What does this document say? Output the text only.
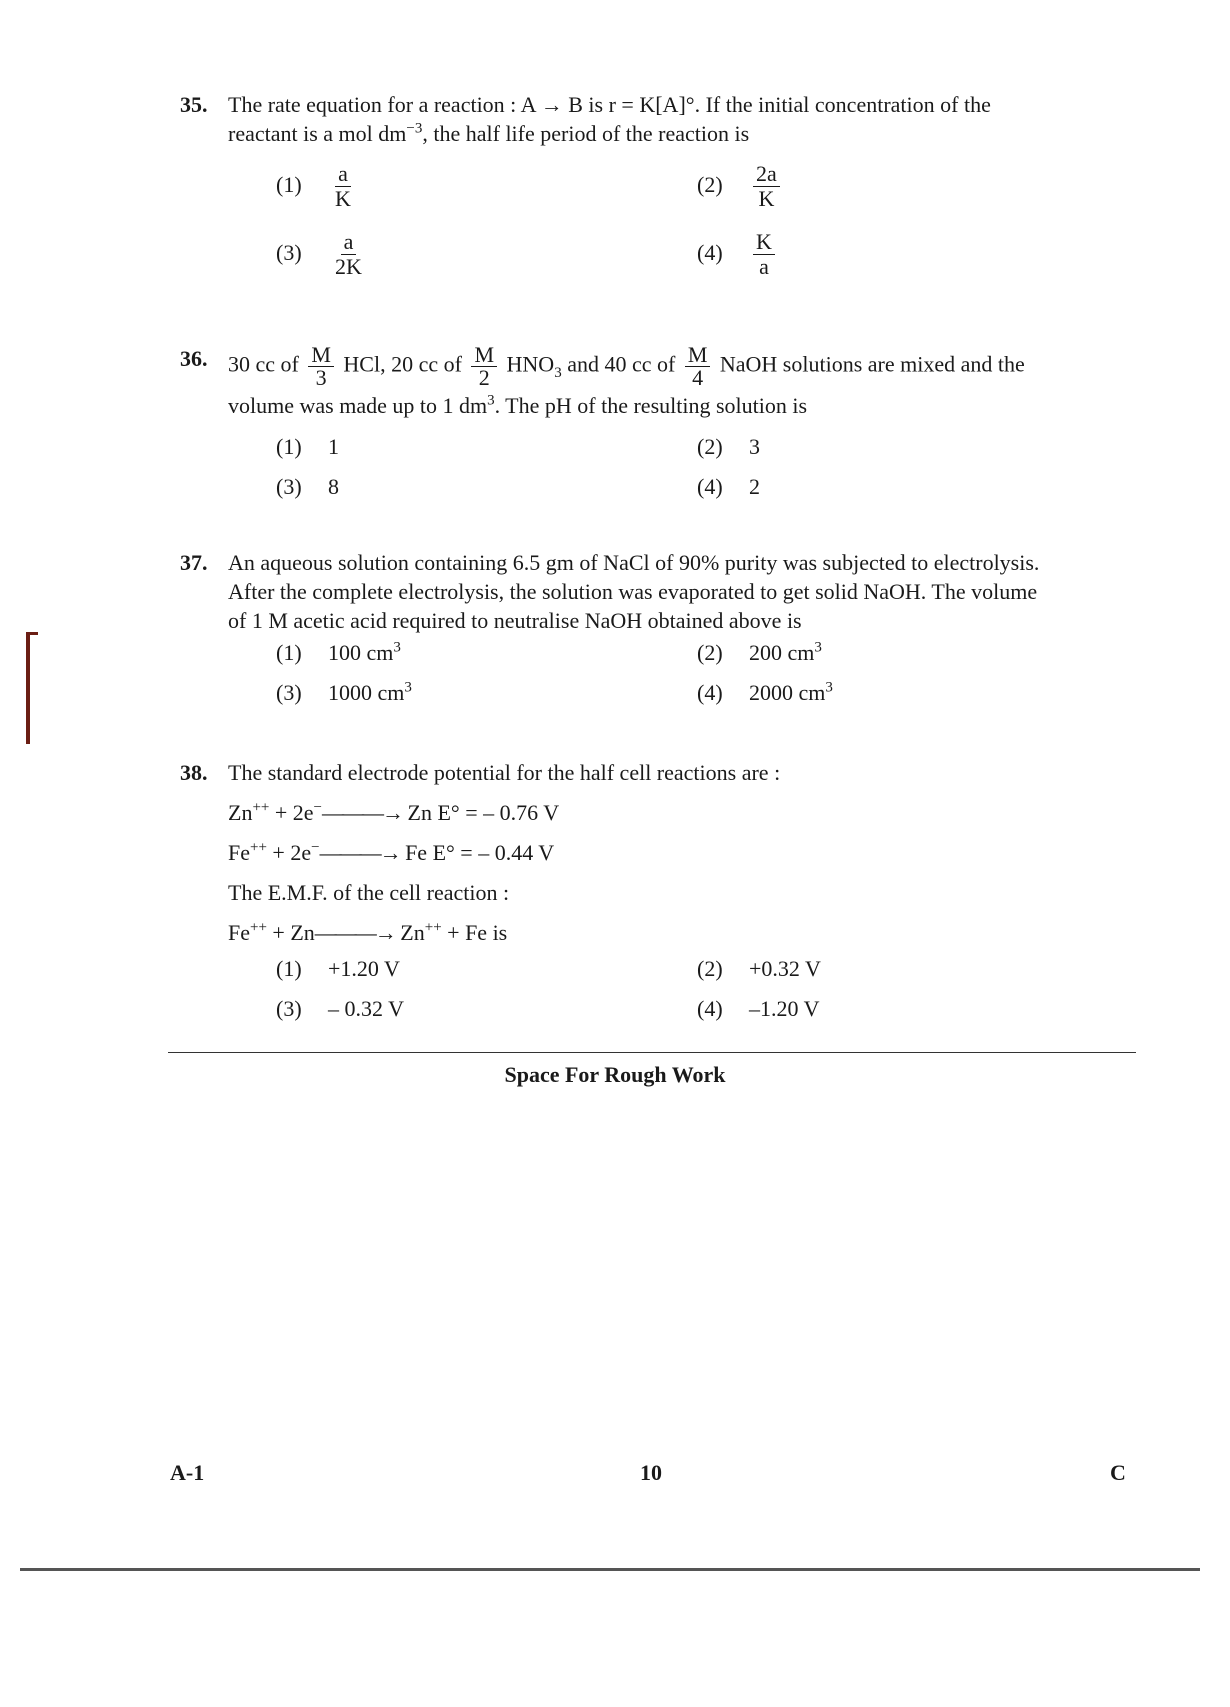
35. The rate equation for a reaction : A → B is r = K[A]°. If the initial concentration of the
reactant is a mol $dm^{-3}$, the half life period of the reaction is
$(1) \frac{a}{K}$	$(2) \frac{2a}{K}$
$(3) \frac{a}{2K}$	$(4) \frac{K}{a}$
36. 30 cc of $\frac{M}{3}$ HCl, 20 cc of $\frac{M}{2} HNO_3$ and 40 cc of $\frac{M}{4}$ NaOH solutions are mixed and the
volume was made up to 1 $dm^3$. The pH of the resulting solution is
(1) 1	(2) 3
(3) 8	(4) 2
37. An aqueous solution containing 6.5 gm of NaCl of 90% purity was subjected to electrolysis.
After the complete electrolysis, the solution was evaporated to get solid NaOH. The volume
of 1 M acetic acid required to neutralise NaOH obtained above is
(1) 100 $cm^3$	(2) 200 $cm^3$
(3) 1000 $cm^3$	(4) 2000 $cm^3$
38. The standard electrode potential for the half cell reactions are :
Zn++ + 2e−———→ Zn E° = – 0.76 V
Fe++ + 2e−———→ Fe E° = – 0.44 V
The E.M.F. of the cell reaction :
Fe++ + Zn———→ Zn++ + Fe is
(1) +1.20 V	(2) +0.32 V
(3) – 0.32 V	(4) –1.20 V
Space For Rough Work
A-1	10	C
